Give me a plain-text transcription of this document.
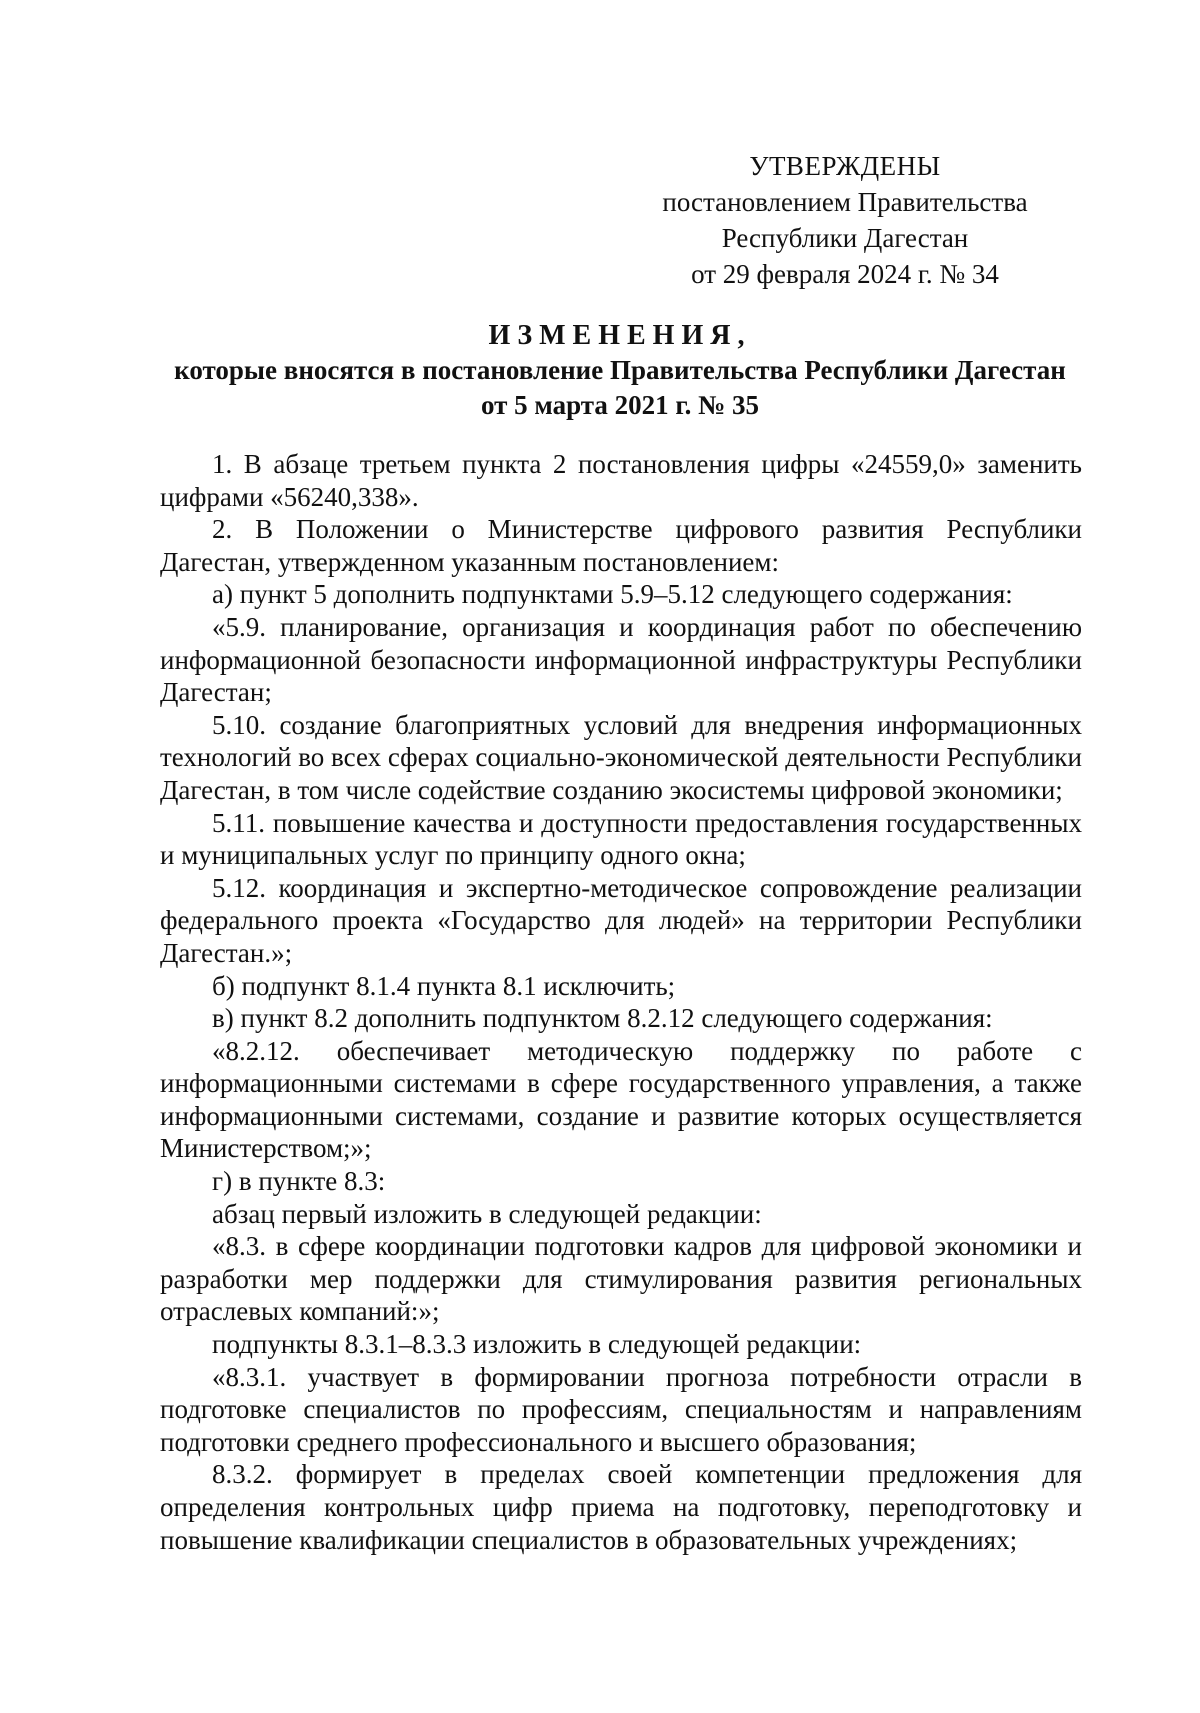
УТВЕРЖДЕНЫ
постановлением Правительства
Республики Дагестан
от 29 февраля 2024 г. № 34
ИЗМЕНЕНИЯ,
которые вносятся в постановление Правительства Республики Дагестан
от 5 марта 2021 г. № 35

1. В абзаце третьем пункта 2 постановления цифры «24559,0» заменить цифрами «56240,338».

2. В Положении о Министерстве цифрового развития Республики Дагестан, утвержденном указанным постановлением:

а) пункт 5 дополнить подпунктами 5.9–5.12 следующего содержания:

«5.9. планирование, организация и координация работ по обеспечению информационной безопасности информационной инфраструктуры Республики Дагестан;

5.10. создание благоприятных условий для внедрения информационных технологий во всех сферах социально-экономической деятельности Республики Дагестан, в том числе содействие созданию экосистемы цифровой экономики;

5.11. повышение качества и доступности предоставления государственных и муниципальных услуг по принципу одного окна;

5.12. координация и экспертно-методическое сопровождение реализации федерального проекта «Государство для людей» на территории Республики Дагестан.»;

б) подпункт 8.1.4 пункта 8.1 исключить;

в) пункт 8.2 дополнить подпунктом 8.2.12 следующего содержания:

«8.2.12. обеспечивает методическую поддержку по работе с информационными системами в сфере государственного управления, а также информационными системами, создание и развитие которых осуществляется Министерством;»;

г) в пункте 8.3:

абзац первый изложить в следующей редакции:

«8.3. в сфере координации подготовки кадров для цифровой экономики и разработки мер поддержки для стимулирования развития региональных отраслевых компаний:»;

подпункты 8.3.1–8.3.3 изложить в следующей редакции:

«8.3.1. участвует в формировании прогноза потребности отрасли в подготовке специалистов по профессиям, специальностям и направлениям подготовки среднего профессионального и высшего образования;

8.3.2. формирует в пределах своей компетенции предложения для определения контрольных цифр приема на подготовку, переподготовку и повышение квалификации специалистов в образовательных учреждениях;
